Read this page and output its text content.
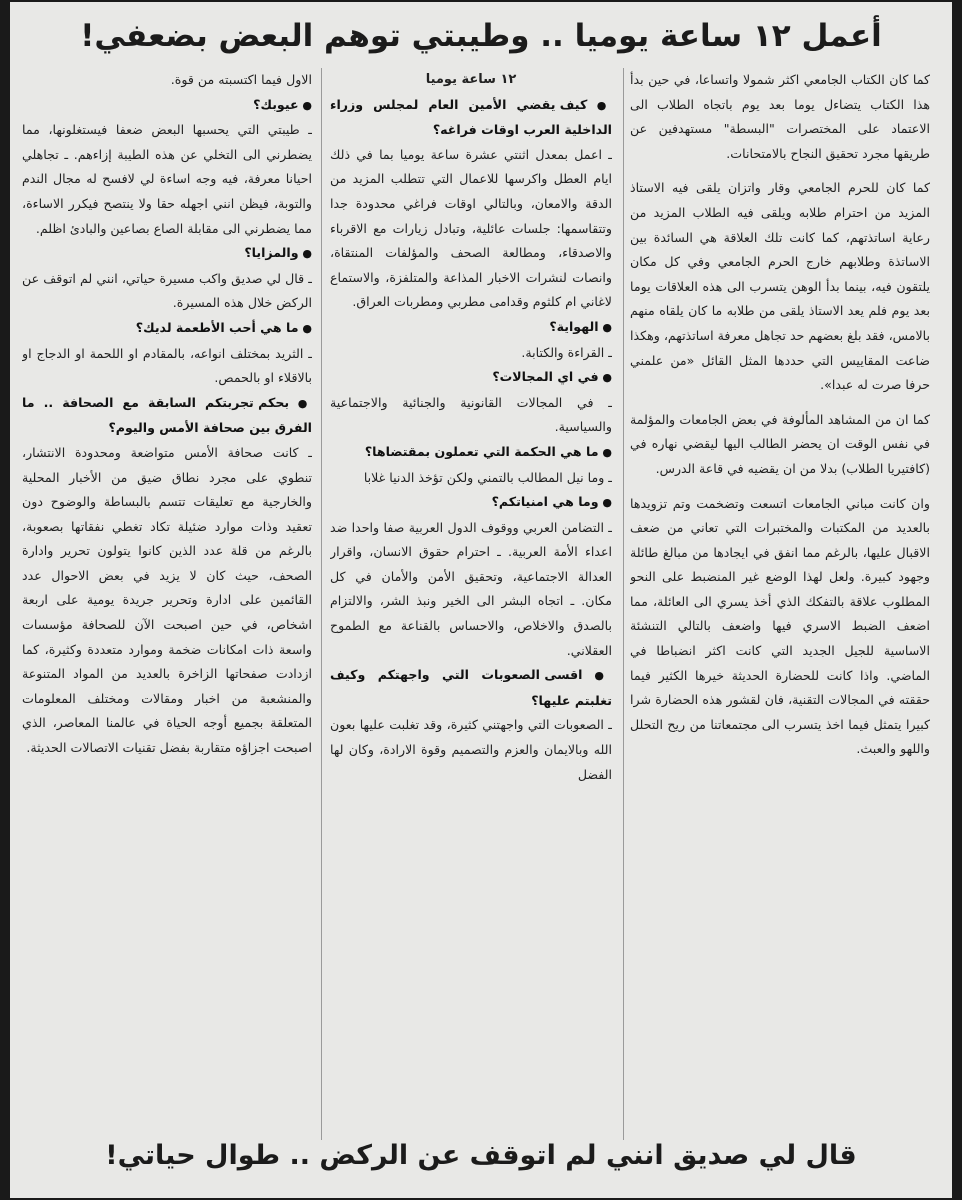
أعمل ١٢ ساعة يوميا .. وطيبتي توهم البعض بضعفي!

كما كان الكتاب الجامعي اكثر شمولا واتساعا، في حين بدأ هذا الكتاب يتضاءل يوما بعد يوم باتجاه الطلاب الى الاعتماد على المختصرات "البسطة" مستهدفين عن طريقها مجرد تحقيق النجاح بالامتحانات.

كما كان للحرم الجامعي وقار واتزان يلقى فيه الاستاذ المزيد من احترام طلابه ويلقى فيه الطلاب المزيد من رعاية اساتذتهم، كما كانت تلك العلاقة هي السائدة بين الاساتذة وطلابهم خارج الحرم الجامعي وفي كل مكان يلتقون فيه، بينما بدأ الوهن يتسرب الى هذه العلاقات يوما بعد يوم فلم يعد الاستاذ يلقى من طلابه ما كان يلقاه منهم بالامس، فقد بلغ بعضهم حد تجاهل معرفة اساتذتهم، وهكذا ضاعت المقاييس التي حددها المثل القائل «من علمني حرفا صرت له عبدا».

كما ان من المشاهد المألوفة في بعض الجامعات والمؤلمة في نفس الوقت ان يحضر الطالب اليها ليقضي نهاره في (كافتيريا الطلاب) بدلا من ان يقضيه في قاعة الدرس.

وان كانت مباني الجامعات اتسعت وتضخمت وتم تزويدها بالعديد من المكتبات والمختبرات التي تعاني من ضعف الاقبال عليها، بالرغم مما انفق في ايجادها من مبالغ طائلة وجهود كبيرة. ولعل لهذا الوضع غير المنضبط على النحو المطلوب علاقة بالتفكك الذي أخذ يسري الى العائلة، مما اضعف الضبط الاسري فيها واضعف بالتالي التنشئة الاساسية للجيل الجديد التي كانت اكثر انضباطا في الماضي. واذا كانت للحضارة الحديثة خيرها الكثير فيما حققته في المجالات التقنية، فان لقشور هذه الحضارة شرا كبيرا يتمثل فيما اخذ يتسرب الى مجتمعاتنا من ريح التحلل واللهو والعبث.

١٢ ساعة يوميا

● كيف يقضي الأمين العام لمجلس وزراء الداخلية العرب اوقات فراغه؟

ـ اعمل بمعدل اثنتي عشرة ساعة يوميا بما في ذلك ايام العطل واكرسها للاعمال التي تتطلب المزيد من الدقة والامعان، وبالتالي اوقات فراغي محدودة جدا وتتقاسمها: جلسات عائلية، وتبادل زيارات مع الاقرباء والاصدقاء، ومطالعة الصحف والمؤلفات المنتقاة، وانصات لنشرات الاخبار المذاعة والمتلفزة، والاستماع لاغاني ام كلثوم وقدامى مطربي ومطربات العراق.

● الهواية؟

ـ القراءة والكتابة.

● في اي المجالات؟

ـ في المجالات القانونية والجنائية والاجتماعية والسياسية.

● ما هي الحكمة التي تعملون بمقتضاها؟

ـ وما نيل المطالب بالتمني ولكن تؤخذ الدنيا غلابا

● وما هي امنياتكم؟

ـ التضامن العربي ووقوف الدول العربية صفا واحدا ضد اعداء الأمة العربية. ـ احترام حقوق الانسان، واقرار العدالة الاجتماعية، وتحقيق الأمن والأمان في كل مكان. ـ اتجاه البشر الى الخير ونبذ الشر، والالتزام بالصدق والاخلاص، والاحساس بالقناعة مع الطموح العقلاني.

● اقسى الصعوبات التي واجهتكم وكيف تغلبتم عليها؟

ـ الصعوبات التي واجهتني كثيرة، وقد تغلبت عليها بعون الله وبالايمان والعزم والتصميم وقوة الارادة، وكان لها الفضل

الاول فيما اكتسبته من قوة.

● عيوبك؟

ـ طيبتي التي يحسبها البعض ضعفا فيستغلونها، مما يضطرني الى التخلي عن هذه الطيبة إزاءهم. ـ تجاهلي احيانا معرفة، فيه وجه اساءة لي لافسح له مجال الندم والتوبة، فيظن انني اجهله حقا ولا ينتصح فيكرر الاساءة، مما يضطرني الى مقابلة الصاع بصاعين والبادئ اظلم.

● والمزايا؟

ـ قال لي صديق واكب مسيرة حياتي، انني لم اتوقف عن الركض خلال هذه المسيرة.

● ما هي أحب الأطعمة لديك؟

ـ الثريد بمختلف انواعه، بالمقادم او اللحمة او الدجاج او بالاقلاء او بالحمص.

● بحكم تجربتكم السابقة مع الصحافة .. ما الفرق بين صحافة الأمس واليوم؟

ـ كانت صحافة الأمس متواضعة ومحدودة الانتشار، تنطوي على مجرد نطاق ضيق من الأخبار المحلية والخارجية مع تعليقات تتسم بالبساطة والوضوح دون تعقيد وذات موارد ضئيلة تكاد تغطي نفقاتها بصعوبة، بالرغم من قلة عدد الذين كانوا يتولون تحرير وادارة الصحف، حيث كان لا يزيد في بعض الاحوال عدد القائمين على ادارة وتحرير جريدة يومية على اربعة اشخاص، في حين اصبحت الآن للصحافة مؤسسات واسعة ذات امكانات ضخمة وموارد متعددة وكثيرة، كما ازدادت صفحاتها الزاخرة بالعديد من المواد المتنوعة والمنشعبة من اخبار ومقالات ومختلف المعلومات المتعلقة بجميع أوجه الحياة في عالمنا المعاصر، الذي اصبحت اجزاؤه متقاربة بفضل تقنيات الاتصالات الحديثة.

قال لي صديق انني لم اتوقف عن الركض .. طوال حياتي!
